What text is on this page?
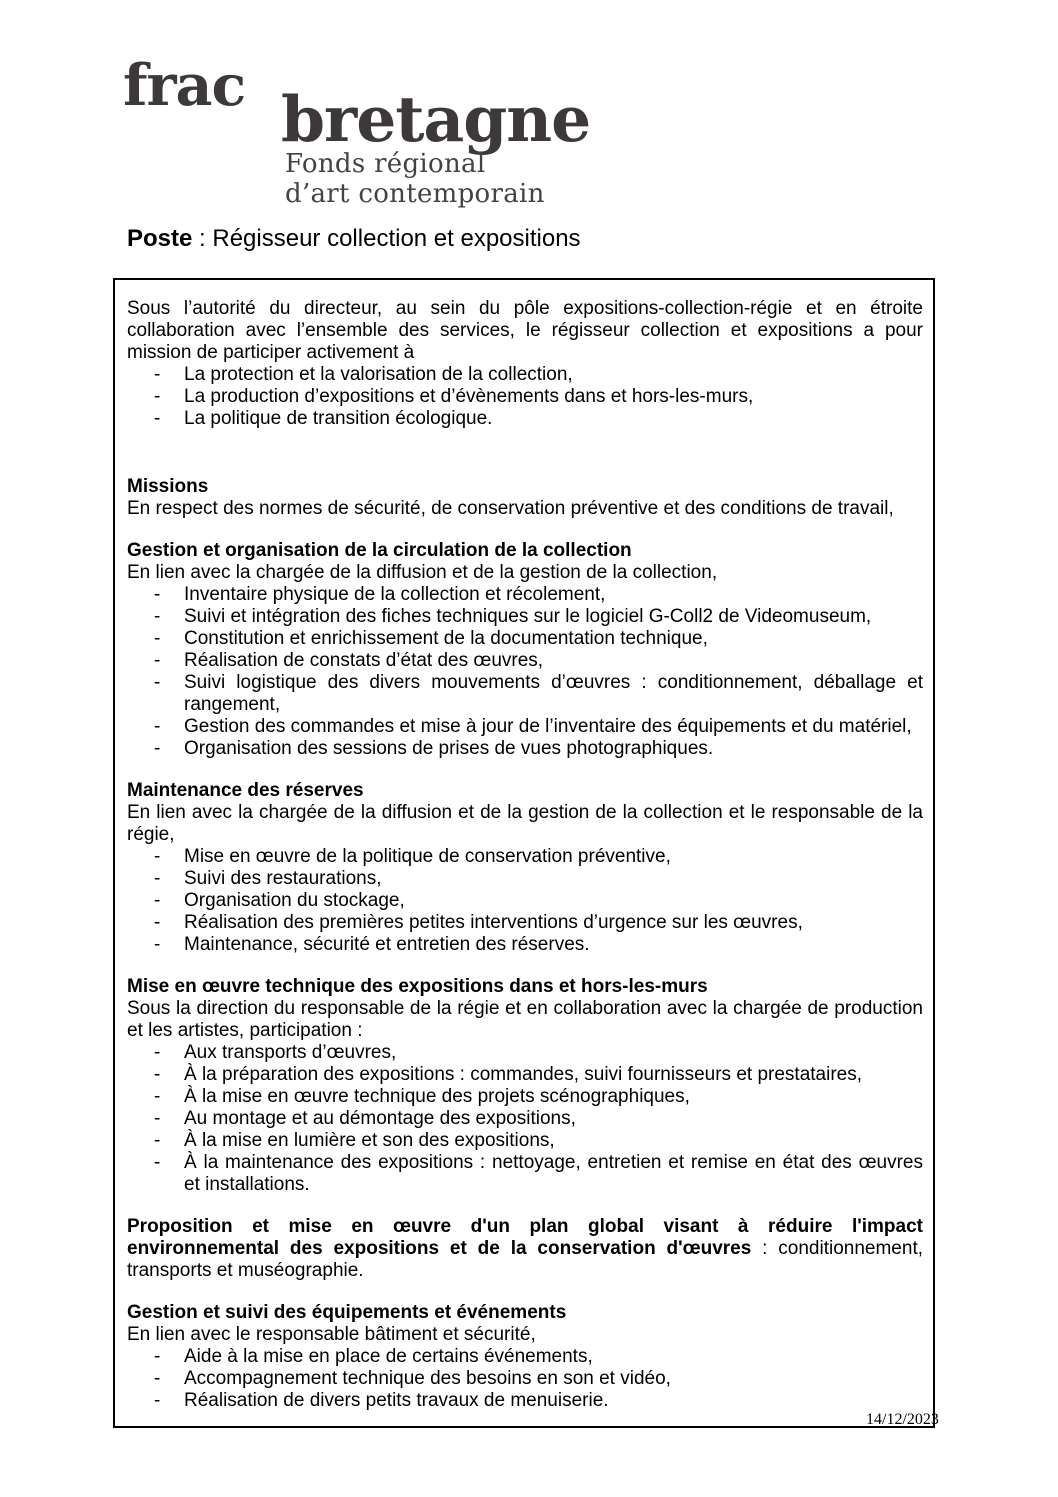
frac bretagne
Fonds régional
d’art contemporain
Poste : Régisseur collection et expositions

Sous l’autorité du directeur, au sein du pôle expositions-collection-régie et en étroite collaboration avec l’ensemble des services, le régisseur collection et expositions a pour mission de participer activement à

- La protection et la valorisation de la collection,
- La production d’expositions et d’évènements dans et hors-les-murs,
- La politique de transition écologique.
Missions

En respect des normes de sécurité, de conservation préventive et des conditions de travail,

Gestion et organisation de la circulation de la collection

En lien avec la chargée de la diffusion et de la gestion de la collection,

- Inventaire physique de la collection et récolement,
- Suivi et intégration des fiches techniques sur le logiciel G-Coll2 de Videomuseum,
- Constitution et enrichissement de la documentation technique,
- Réalisation de constats d’état des œuvres,
- Suivi logistique des divers mouvements d’œuvres : conditionnement, déballage et rangement,
- Gestion des commandes et mise à jour de l’inventaire des équipements et du matériel,
- Organisation des sessions de prises de vues photographiques.
Maintenance des réserves

En lien avec la chargée de la diffusion et de la gestion de la collection et le responsable de la régie,

- Mise en œuvre de la politique de conservation préventive,
- Suivi des restaurations,
- Organisation du stockage,
- Réalisation des premières petites interventions d’urgence sur les œuvres,
- Maintenance, sécurité et entretien des réserves.
Mise en œuvre technique des expositions dans et hors-les-murs

Sous la direction du responsable de la régie et en collaboration avec la chargée de production et les artistes, participation :

- Aux transports d’œuvres,
- À la préparation des expositions : commandes, suivi fournisseurs et prestataires,
- À la mise en œuvre technique des projets scénographiques,
- Au montage et au démontage des expositions,
- À la mise en lumière et son des expositions,
- À la maintenance des expositions : nettoyage, entretien et remise en état des œuvres et installations.

Proposition et mise en œuvre d'un plan global visant à réduire l'impact environnemental des expositions et de la conservation d'œuvres : conditionnement, transports et muséographie.

Gestion et suivi des équipements et événements

En lien avec le responsable bâtiment et sécurité,

- Aide à la mise en place de certains événements,
- Accompagnement technique des besoins en son et vidéo,
- Réalisation de divers petits travaux de menuiserie.
14/12/2023
